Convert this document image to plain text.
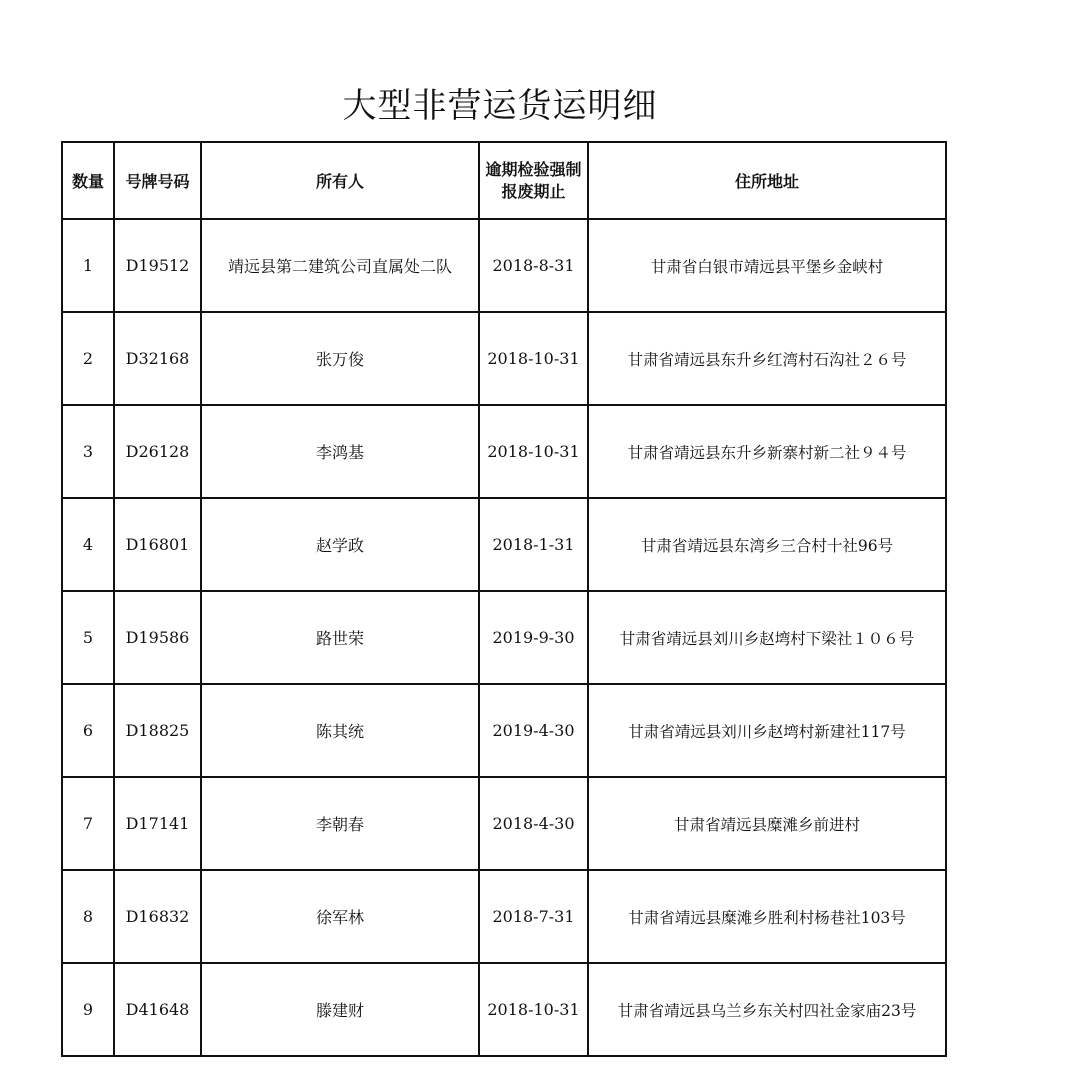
大型非营运货运明细
数量	号牌号码	所有人	逾期检验强制报废期止	住所地址
1	D19512	靖远县第二建筑公司直属处二队	2018-8-31	甘肃省白银市靖远县平堡乡金峡村
2	D32168	张万俊	2018-10-31	甘肃省靖远县东升乡红湾村石沟社２６号
3	D26128	李鸿基	2018-10-31	甘肃省靖远县东升乡新寨村新二社９４号
4	D16801	赵学政	2018-1-31	甘肃省靖远县东湾乡三合村十社96号
5	D19586	路世荣	2019-9-30	甘肃省靖远县刘川乡赵塆村下梁社１０６号
6	D18825	陈其统	2019-4-30	甘肃省靖远县刘川乡赵塆村新建社117号
7	D17141	李朝春	2018-4-30	甘肃省靖远县糜滩乡前进村
8	D16832	徐军林	2018-7-31	甘肃省靖远县糜滩乡胜利村杨巷社103号
9	D41648	滕建财	2018-10-31	甘肃省靖远县乌兰乡东关村四社金家庙23号
